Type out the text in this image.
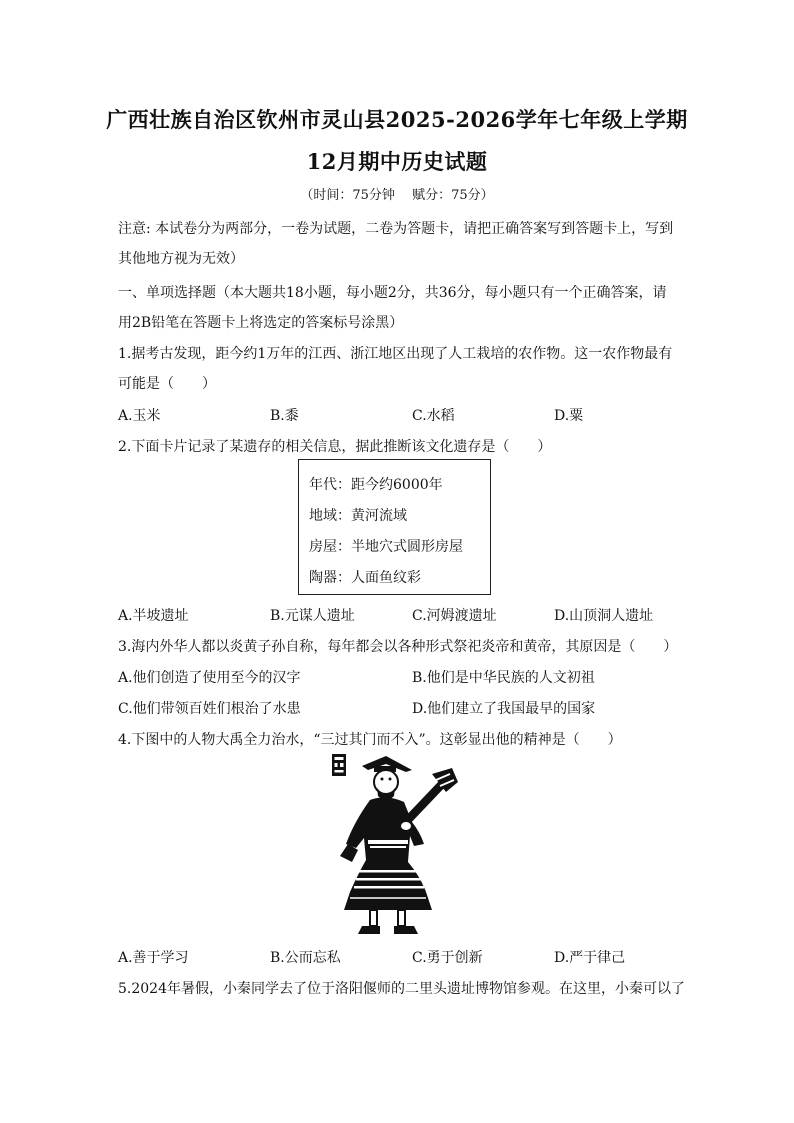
广西壮族自治区钦州市灵山县2025-2026学年七年级上学期
12月期中历史试题
（时间：75分钟　 赋分：75分）
注意: 本试卷分为两部分，一卷为试题，二卷为答题卡，请把正确答案写到答题卡上，写到
其他地方视为无效）
一、单项选择题（本大题共18小题，每小题2分，共36分，每小题只有一个正确答案，请
用2B铅笔在答题卡上将选定的答案标号涂黑）
1.据考古发现，距今约1万年的江西、浙江地区出现了人工栽培的农作物。这一农作物最有
可能是（　　）
A.玉米	B.黍	C.水稻	D.粟
2.下面卡片记录了某遗存的相关信息，据此推断该文化遗存是（　　）
年代：距今约6000年
地域：黄河流域
房屋：半地穴式圆形房屋
陶器：人面鱼纹彩
A.半坡遗址	B.元谋人遗址	C.河姆渡遗址	D.山顶洞人遗址
3.海内外华人都以炎黄子孙自称，每年都会以各种形式祭祀炎帝和黄帝，其原因是（　　）
A.他们创造了使用至今的汉字	B.他们是中华民族的人文初祖
C.他们带领百姓们根治了水患	D.他们建立了我国最早的国家
4.下图中的人物大禹全力治水，“三过其门而不入”。这彰显出他的精神是（　　）
A.善于学习	B.公而忘私	C.勇于创新	D.严于律己
5.2024年暑假，小秦同学去了位于洛阳偃师的二里头遗址博物馆参观。在这里，小秦可以了
